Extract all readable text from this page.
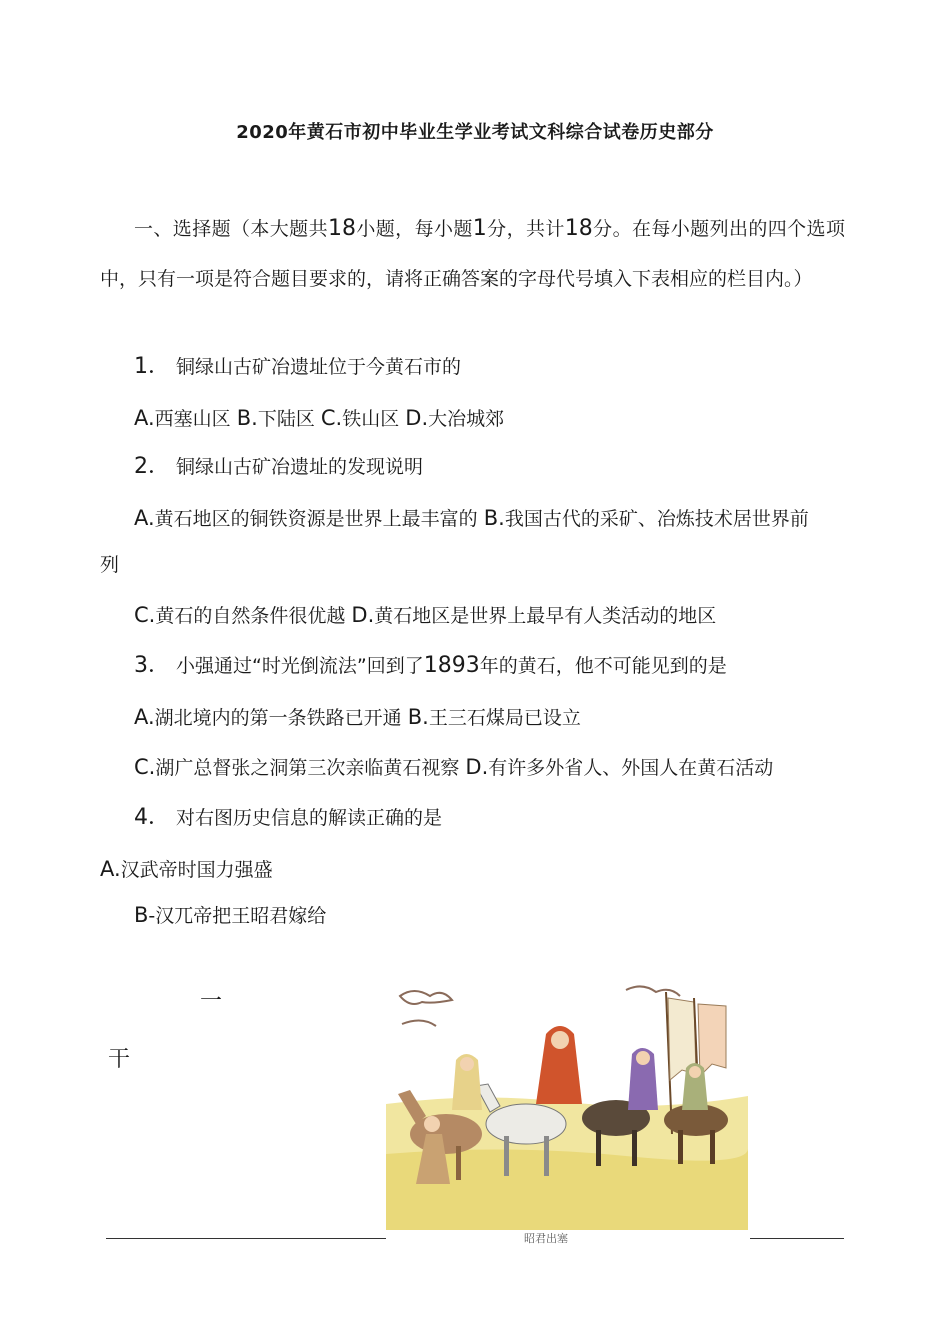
2020年黄石市初中毕业生学业考试文科综合试卷历史部分
一、选择题（本大题共18小题，每小题1分，共计18分。在每小题列出的四个选项中，只有一项是符合题目要求的，请将正确答案的字母代号填入下表相应的栏目内。）
1． 铜绿山古矿冶遗址位于今黄石市的
A.西塞山区 B.下陆区 C.铁山区 D.大冶城郊
2． 铜绿山古矿冶遗址的发现说明
A.黄石地区的铜铁资源是世界上最丰富的 B.我国古代的采矿、冶炼技术居世界前
列
C.黄石的自然条件很优越 D.黄石地区是世界上最早有人类活动的地区
3． 小强通过“时光倒流法”回到了1893年的黄石，他不可能见到的是
A.湖北境内的第一条铁路已开通 B.王三石煤局已设立
C.湖广总督张之洞第三次亲临黄石视察 D.有许多外省人、外国人在黄石活动
4． 对右图历史信息的解读正确的是
A.汉武帝时国力强盛
B-汉兀帝把王昭君嫁给
一
干
昭君出塞
